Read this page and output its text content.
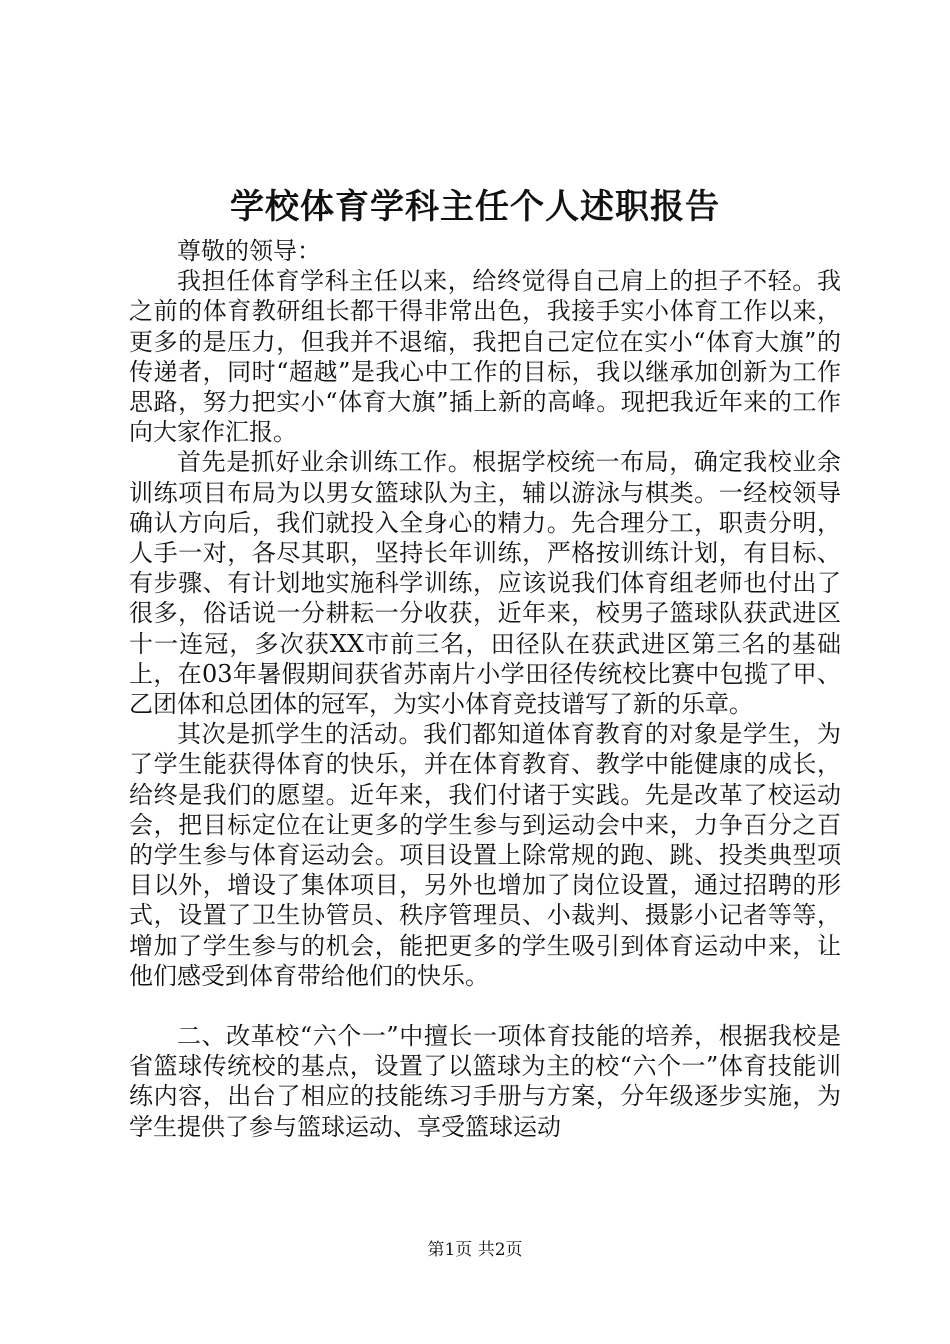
学校体育学科主任个人述职报告

尊敬的领导：

我担任体育学科主任以来，给终觉得自己肩上的担子不轻。我之前的体育教研组长都干得非常出色，我接手实小体育工作以来，更多的是压力，但我并不退缩，我把自己定位在实小“体育大旗”的传递者，同时“超越”是我心中工作的目标，我以继承加创新为工作思路，努力把实小“体育大旗”插上新的高峰。现把我近年来的工作向大家作汇报。

首先是抓好业余训练工作。根据学校统一布局，确定我校业余训练项目布局为以男女篮球队为主，辅以游泳与棋类。一经校领导确认方向后，我们就投入全身心的精力。先合理分工，职责分明，人手一对，各尽其职，坚持长年训练，严格按训练计划，有目标、有步骤、有计划地实施科学训练，应该说我们体育组老师也付出了很多，俗话说一分耕耘一分收获，近年来，校男子篮球队获武进区十一连冠，多次获XX市前三名，田径队在获武进区第三名的基础上，在03年暑假期间获省苏南片小学田径传统校比赛中包揽了甲、乙团体和总团体的冠军，为实小体育竞技谱写了新的乐章。

其次是抓学生的活动。我们都知道体育教育的对象是学生，为了学生能获得体育的快乐，并在体育教育、教学中能健康的成长，给终是我们的愿望。近年来，我们付诸于实践。先是改革了校运动会，把目标定位在让更多的学生参与到运动会中来，力争百分之百的学生参与体育运动会。项目设置上除常规的跑、跳、投类典型项目以外，增设了集体项目，另外也增加了岗位设置，通过招聘的形式，设置了卫生协管员、秩序管理员、小裁判、摄影小记者等等，增加了学生参与的机会，能把更多的学生吸引到体育运动中来，让他们感受到体育带给他们的快乐。

二、改革校“六个一”中擅长一项体育技能的培养，根据我校是省篮球传统校的基点，设置了以篮球为主的校“六个一”体育技能训练内容，出台了相应的技能练习手册与方案，分年级逐步实施，为学生提供了参与篮球运动、享受篮球运动

第1页 共2页
